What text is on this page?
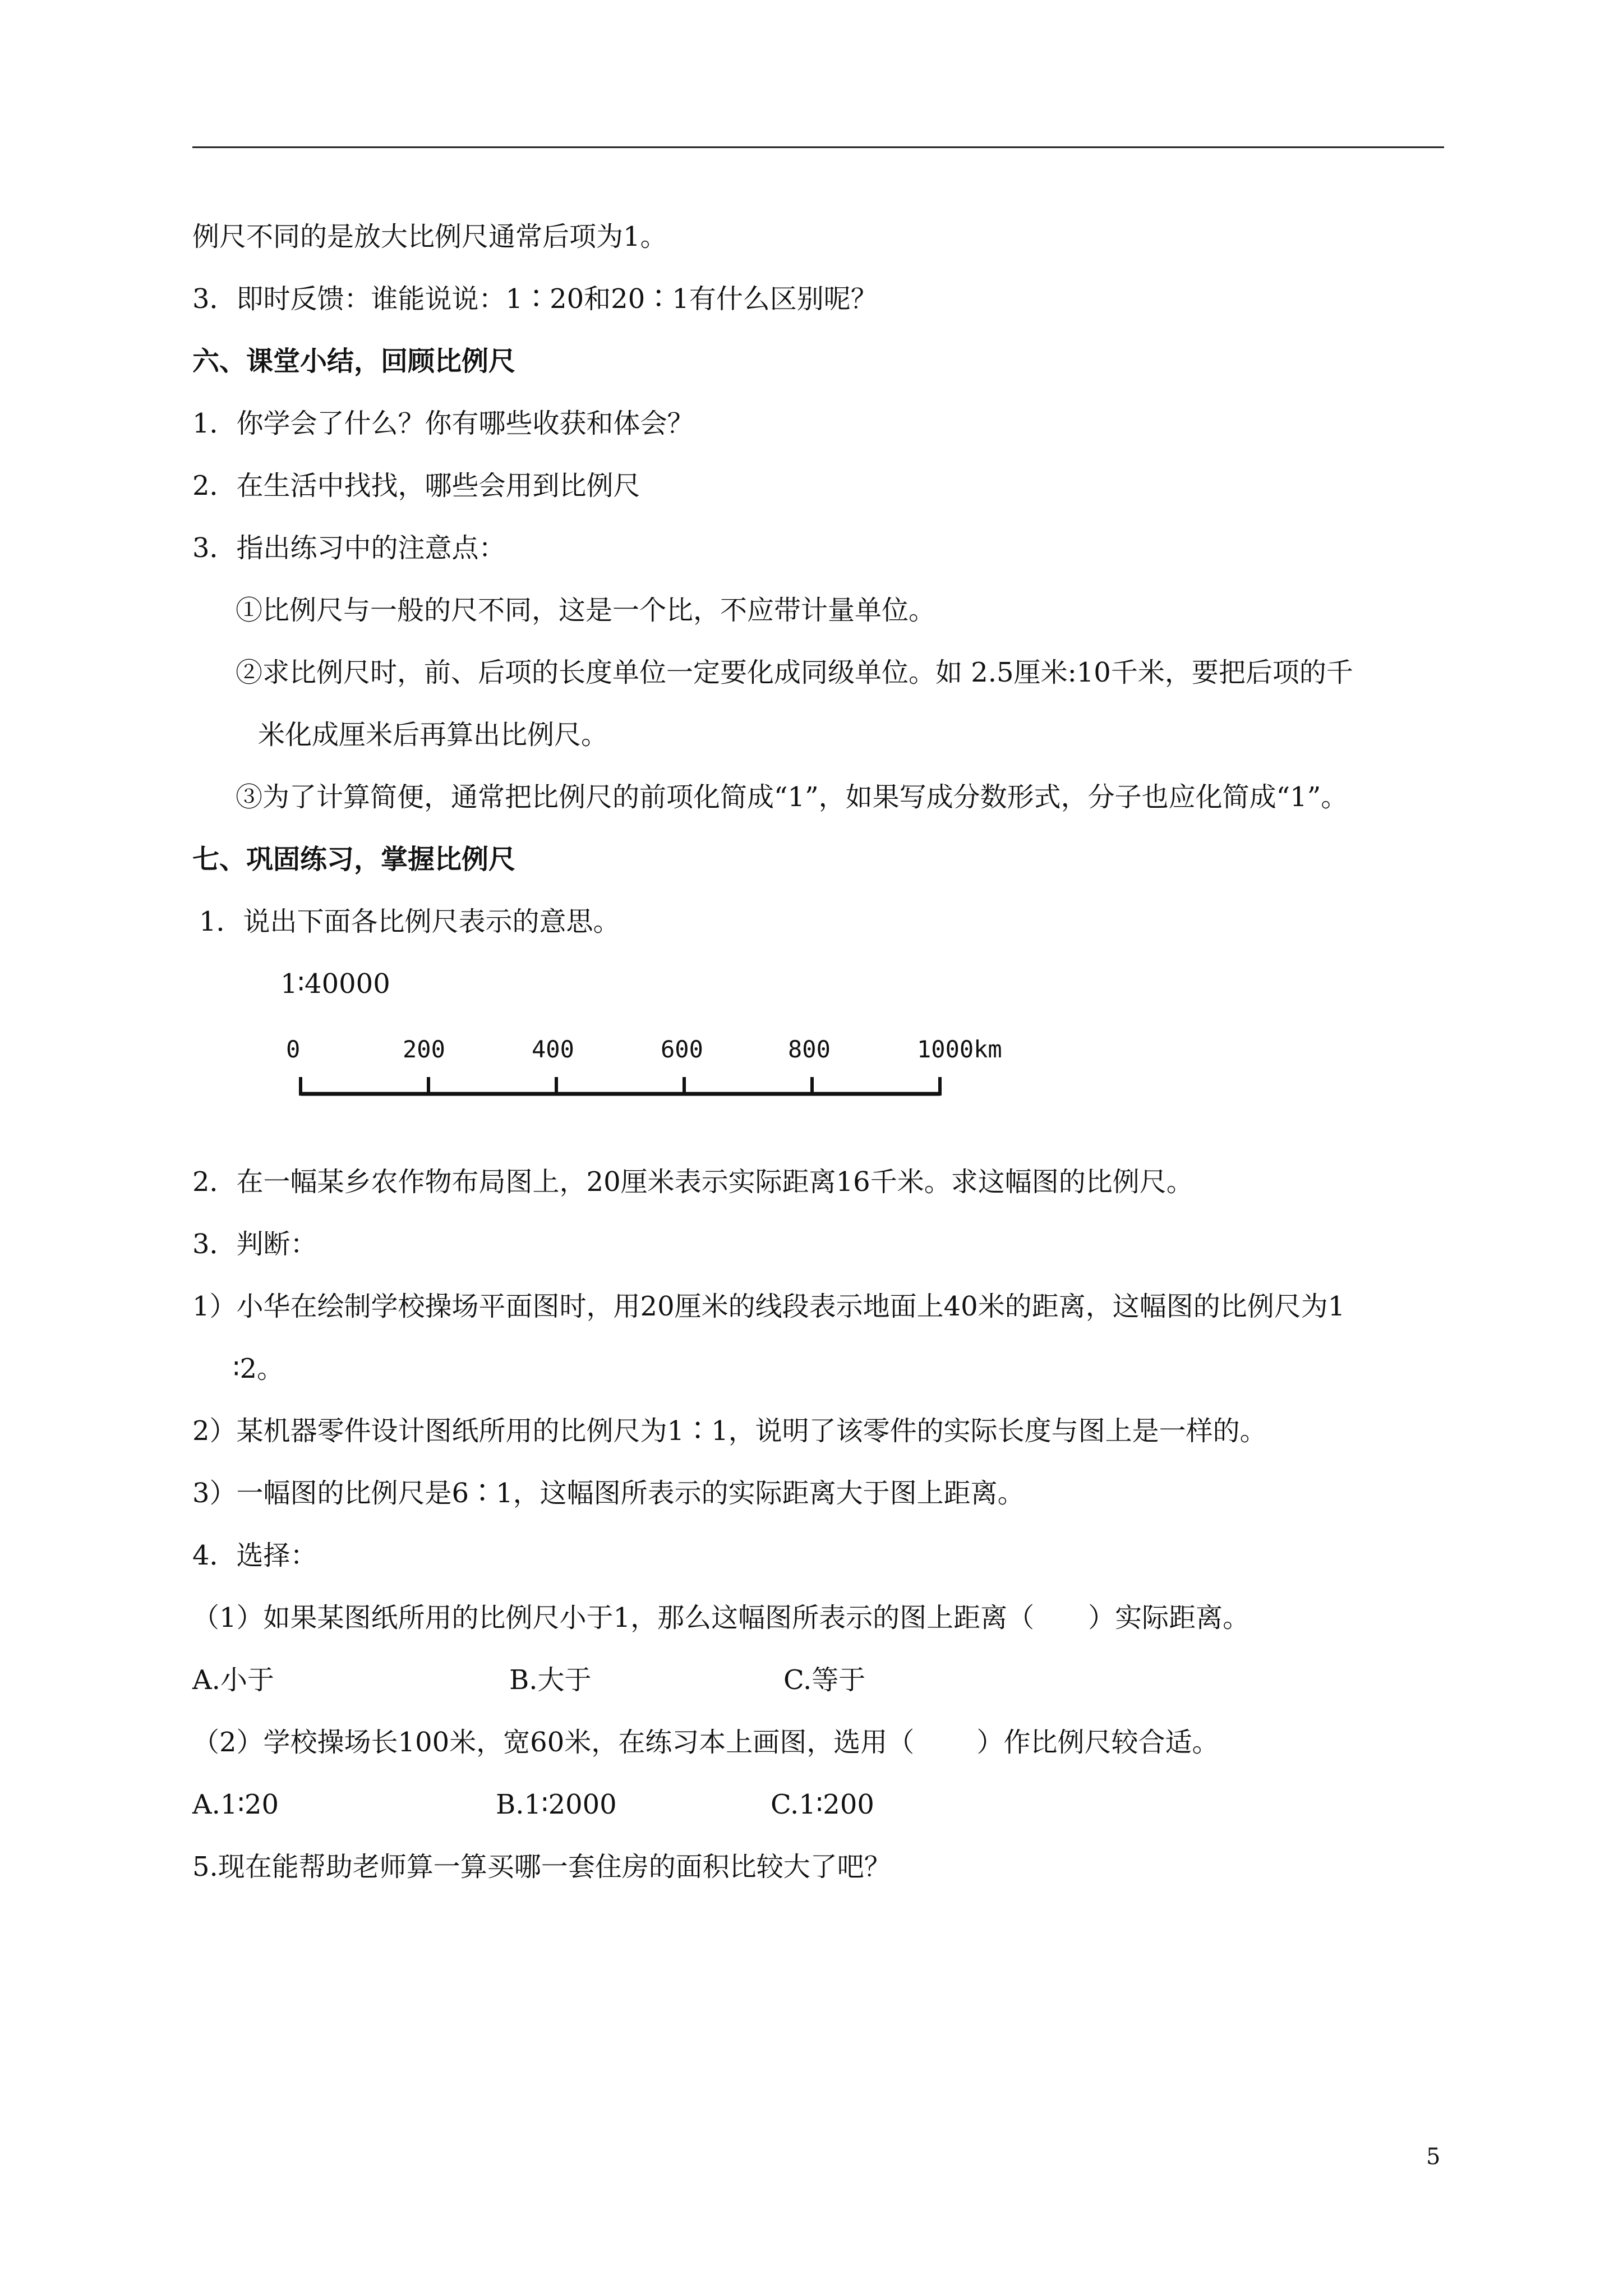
例尺不同的是放大比例尺通常后项为1。
3．即时反馈：谁能说说：1∶20和20∶1有什么区别呢？
六、课堂小结，回顾比例尺
1．你学会了什么？你有哪些收获和体会？
2．在生活中找找，哪些会用到比例尺
3．指出练习中的注意点：
①比例尺与一般的尺不同，这是一个比，不应带计量单位。
②求比例尺时，前、后项的长度单位一定要化成同级单位。如 2.5厘米:10千米，要把后项的千
米化成厘米后再算出比例尺。
③为了计算简便，通常把比例尺的前项化简成“1”，如果写成分数形式，分子也应化简成“1”。
七、巩固练习，掌握比例尺
1．说出下面各比例尺表示的意思。
1∶40000
0	200	400	600	800	1000km
2．在一幅某乡农作物布局图上，20厘米表示实际距离16千米。求这幅图的比例尺。
3．判断：
1）小华在绘制学校操场平面图时，用20厘米的线段表示地面上40米的距离，这幅图的比例尺为1
∶2。
2）某机器零件设计图纸所用的比例尺为1∶1，说明了该零件的实际长度与图上是一样的。
3）一幅图的比例尺是6∶1，这幅图所表示的实际距离大于图上距离。
4．选择：
（1）如果某图纸所用的比例尺小于1，那么这幅图所表示的图上距离（　　）实际距离。
A.小于	B.大于	C.等于
（2）学校操场长100米，宽60米，在练习本上画图，选用（　　 ）作比例尺较合适。
A.1∶20	B.1∶2000	C.1∶200
5.现在能帮助老师算一算买哪一套住房的面积比较大了吧？
5
